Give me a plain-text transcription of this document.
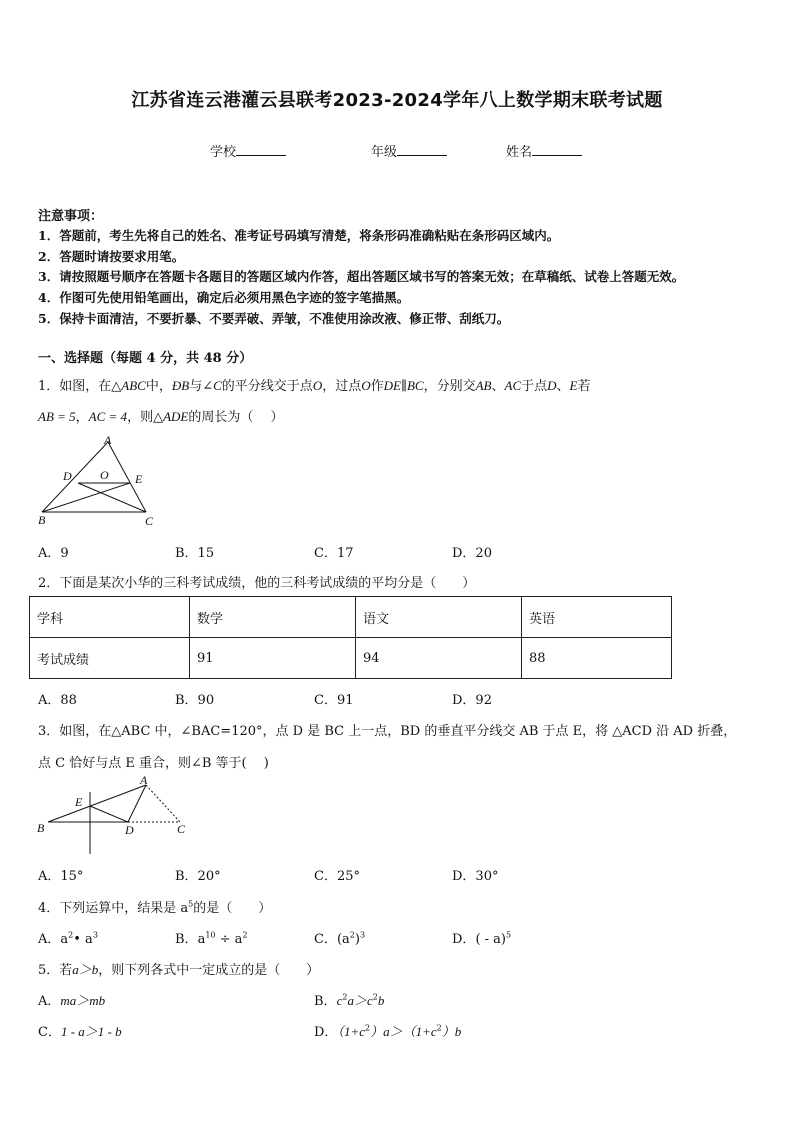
江苏省连云港灌云县联考2023-2024学年八上数学期末联考试题
学校	年级	姓名
注意事项：
1．答题前，考生先将自己的姓名、准考证号码填写清楚，将条形码准确粘贴在条形码区域内。
2．答题时请按要求用笔。
3．请按照题号顺序在答题卡各题目的答题区域内作答，超出答题区域书写的答案无效；在草稿纸、试卷上答题无效。
4．作图可先使用铅笔画出，确定后必须用黑色字迹的签字笔描黑。
5．保持卡面清洁，不要折暴、不要弄破、弄皱，不准使用涂改液、修正带、刮纸刀。
一、选择题（每题 4 分，共 48 分）
1．如图，在△ABC中，ÐB与∠C的平分线交于点O，过点O作DE∥BC，分别交AB、AC于点D、E若
AB = 5，AC = 4，则△ADE的周长为（　 ）
A
D O E
B	C
A．9	B．15	C．17	D．20
2．下面是某次小华的三科考试成绩，他的三科考试成绩的平均分是（　　）
学科	数学	语文	英语
考试成绩	91	94	88
A．88	B．90	C．91	D．92
3．如图，在△ABC 中，∠BAC=120°，点 D 是 BC 上一点，BD 的垂直平分线交 AB 于点 E，将 △ACD 沿 AD 折叠，
点 C 恰好与点 E 重合，则∠B 等于(　 )
A
E
B	D	C
A．15°	B．20°	C．25°	D．30°
4．下列运算中，结果是 $a^5$的是（　　）
A．$a^2•$ $a^3$	B．$a^{10} \div a^2$	C．$(a^2)^3$	D．( - a)$^5$
5．若a＞b，则下列各式中一定成立的是（　　）
A．ma＞mb	B．$c^2a>c^2b$
C．1 - a＞1 - b	D．$(1+c^2)a>(1+c^2)b$
